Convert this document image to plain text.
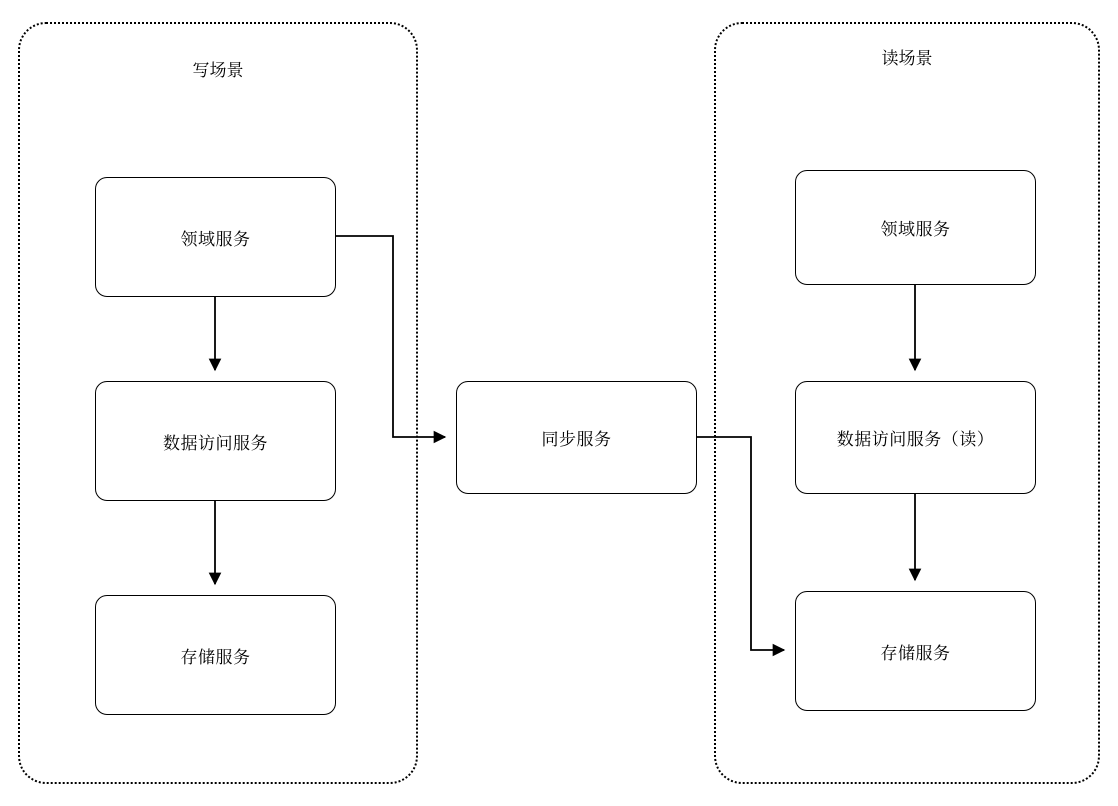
写场景
读场景
领域服务
数据访问服务
存储服务
同步服务
领域服务
数据访问服务（读）
存储服务
